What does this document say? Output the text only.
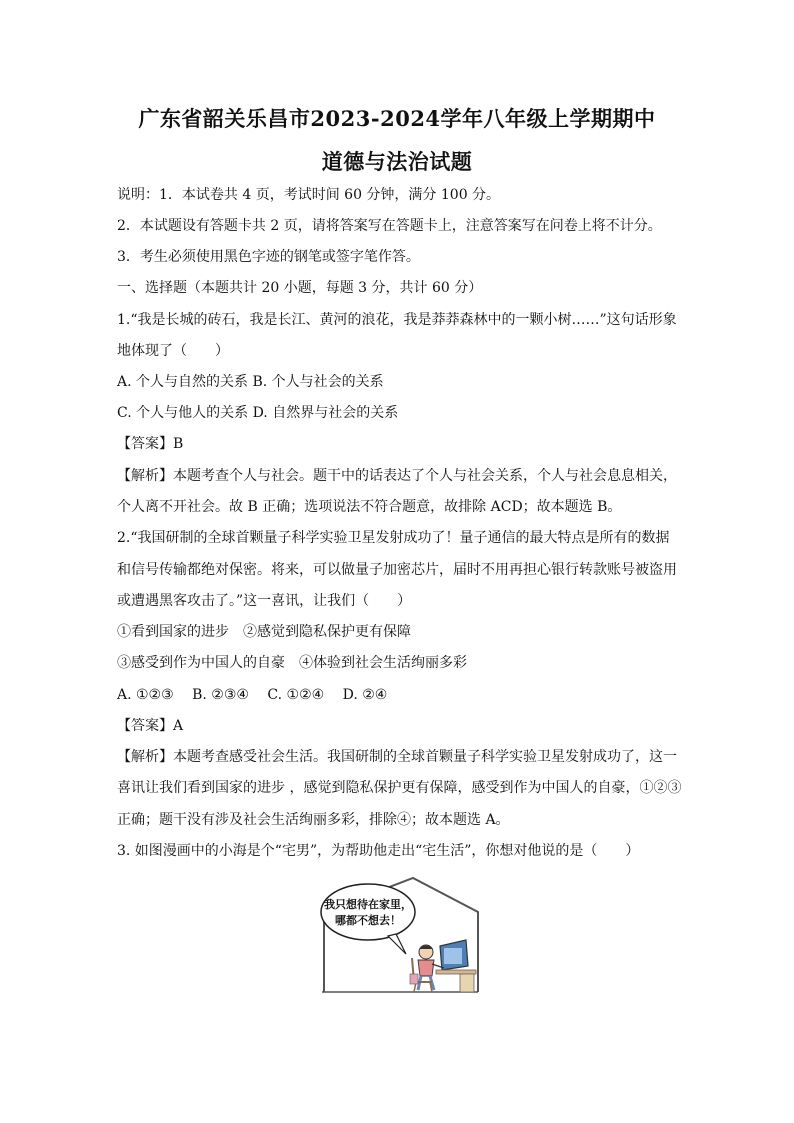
广东省韶关乐昌市2023-2024学年八年级上学期期中
道德与法治试题
说明：1．本试卷共 4 页，考试时间 60 分钟，满分 100 分。
2．本试题设有答题卡共 2 页，请将答案写在答题卡上，注意答案写在问卷上将不计分。
3．考生必须使用黑色字迹的钢笔或签字笔作答。
一、选择题（本题共计 20 小题，每题 3 分，共计 60 分）
1.“我是长城的砖石，我是长江、黄河的浪花，我是莽莽森林中的一颗小树……”这句话形象
地体现了（　　）
A. 个人与自然的关系 B. 个人与社会的关系
C. 个人与他人的关系 D. 自然界与社会的关系
【答案】B
【解析】本题考查个人与社会。题干中的话表达了个人与社会关系，个人与社会息息相关，
个人离不开社会。故 B 正确；选项说法不符合题意，故排除 ACD；故本题选 B。
2.“我国研制的全球首颗量子科学实验卫星发射成功了！量子通信的最大特点是所有的数据
和信号传输都绝对保密。将来，可以做量子加密芯片，届时不用再担心银行转款账号被盗用
或遭遇黑客攻击了。”这一喜讯，让我们（　　）
①看到国家的进步　②感觉到隐私保护更有保障
③感受到作为中国人的自豪　④体验到社会生活绚丽多彩
A. ①②③　 B. ②③④　 C. ①②④　 D. ②④
【答案】A
【解析】本题考查感受社会生活。我国研制的全球首颗量子科学实验卫星发射成功了，这一
喜讯让我们看到国家的进步 ，感觉到隐私保护更有保障，感受到作为中国人的自豪，①②③
正确；题干没有涉及社会生活绚丽多彩，排除④；故本题选 A。
3. 如图漫画中的小海是个“宅男”，为帮助他走出“宅生活”，你想对他说的是（　　）
我只想待在家里，
哪都不想去！
